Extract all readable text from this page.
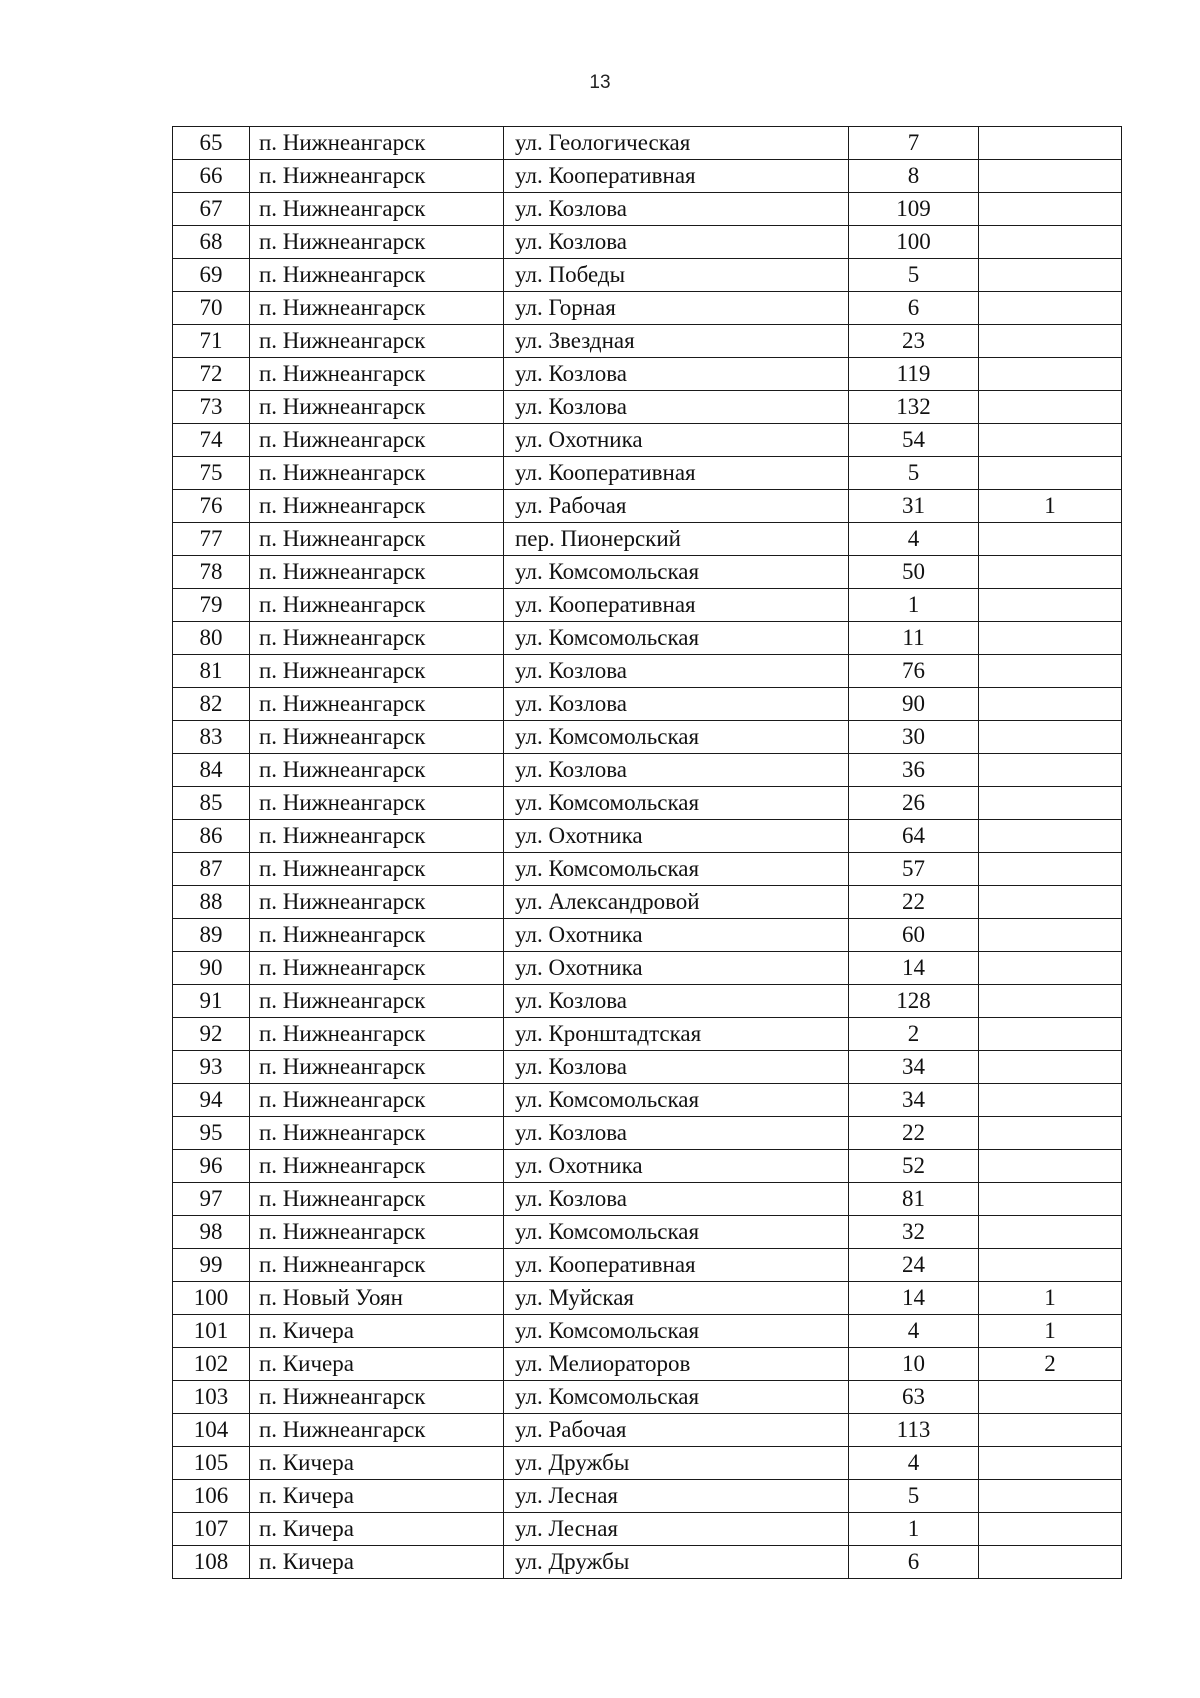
13
65	п. Нижнеангарск	ул. Геологическая	7	
66	п. Нижнеангарск	ул. Кооперативная	8	
67	п. Нижнеангарск	ул. Козлова	109	
68	п. Нижнеангарск	ул. Козлова	100	
69	п. Нижнеангарск	ул. Победы	5	
70	п. Нижнеангарск	ул. Горная	6	
71	п. Нижнеангарск	ул. Звездная	23	
72	п. Нижнеангарск	ул. Козлова	119	
73	п. Нижнеангарск	ул. Козлова	132	
74	п. Нижнеангарск	ул. Охотника	54	
75	п. Нижнеангарск	ул. Кооперативная	5	
76	п. Нижнеангарск	ул. Рабочая	31	1
77	п. Нижнеангарск	пер. Пионерский	4	
78	п. Нижнеангарск	ул. Комсомольская	50	
79	п. Нижнеангарск	ул. Кооперативная	1	
80	п. Нижнеангарск	ул. Комсомольская	11	
81	п. Нижнеангарск	ул. Козлова	76	
82	п. Нижнеангарск	ул. Козлова	90	
83	п. Нижнеангарск	ул. Комсомольская	30	
84	п. Нижнеангарск	ул. Козлова	36	
85	п. Нижнеангарск	ул. Комсомольская	26	
86	п. Нижнеангарск	ул. Охотника	64	
87	п. Нижнеангарск	ул. Комсомольская	57	
88	п. Нижнеангарск	ул. Александровой	22	
89	п. Нижнеангарск	ул. Охотника	60	
90	п. Нижнеангарск	ул. Охотника	14	
91	п. Нижнеангарск	ул. Козлова	128	
92	п. Нижнеангарск	ул. Кронштадтская	2	
93	п. Нижнеангарск	ул. Козлова	34	
94	п. Нижнеангарск	ул. Комсомольская	34	
95	п. Нижнеангарск	ул. Козлова	22	
96	п. Нижнеангарск	ул. Охотника	52	
97	п. Нижнеангарск	ул. Козлова	81	
98	п. Нижнеангарск	ул. Комсомольская	32	
99	п. Нижнеангарск	ул. Кооперативная	24	
100	п. Новый Уоян	ул. Муйская	14	1
101	п. Кичера	ул. Комсомольская	4	1
102	п. Кичера	ул. Мелиораторов	10	2
103	п. Нижнеангарск	ул. Комсомольская	63	
104	п. Нижнеангарск	ул. Рабочая	113	
105	п. Кичера	ул. Дружбы	4	
106	п. Кичера	ул. Лесная	5	
107	п. Кичера	ул. Лесная	1	
108	п. Кичера	ул. Дружбы	6	
